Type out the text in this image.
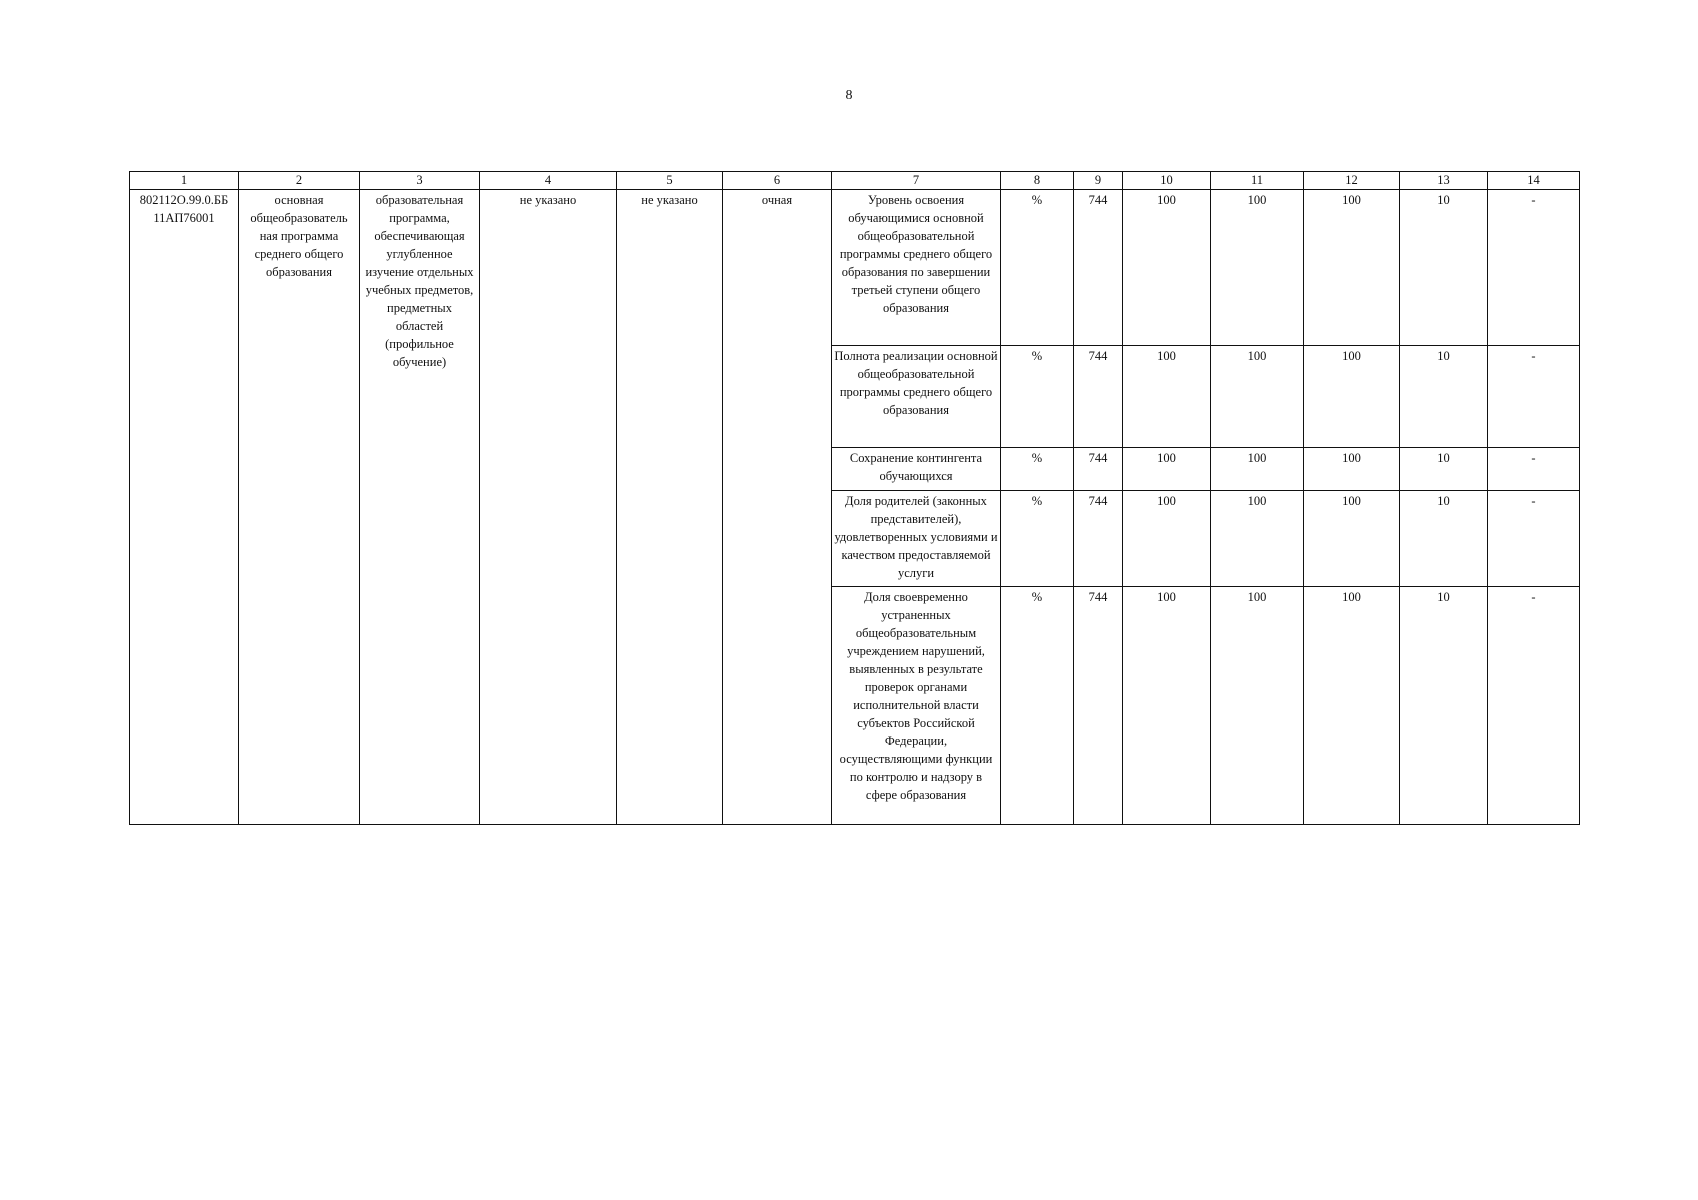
8
1	2	3	4	5	6	7	8	9	10	11	12	13	14
802112О.99.0.ББ 11АП76001	основная общеобразователь ная программа среднего общего образования	образовательная программа, обеспечивающая углубленное изучение отдельных учебных предметов, предметных областей (профильное обучение)	не указано	не указано	очная	Уровень освоения обучающимися основной общеобразовательной программы среднего общего образования по завершении третьей ступени общего образования	%	744	100	100	100	10	-
						Полнота реализации основной общеобразовательной программы среднего общего образования	%	744	100	100	100	10	-
						Сохранение контингента обучающихся	%	744	100	100	100	10	-
						Доля родителей (законных представителей), удовлетворенных условиями и качеством предоставляемой услуги	%	744	100	100	100	10	-
						Доля своевременно устраненных общеобразовательным учреждением нарушений, выявленных в результате проверок органами исполнительной власти субъектов Российской Федерации, осуществляющими функции по контролю и надзору в сфере образования	%	744	100	100	100	10	-
